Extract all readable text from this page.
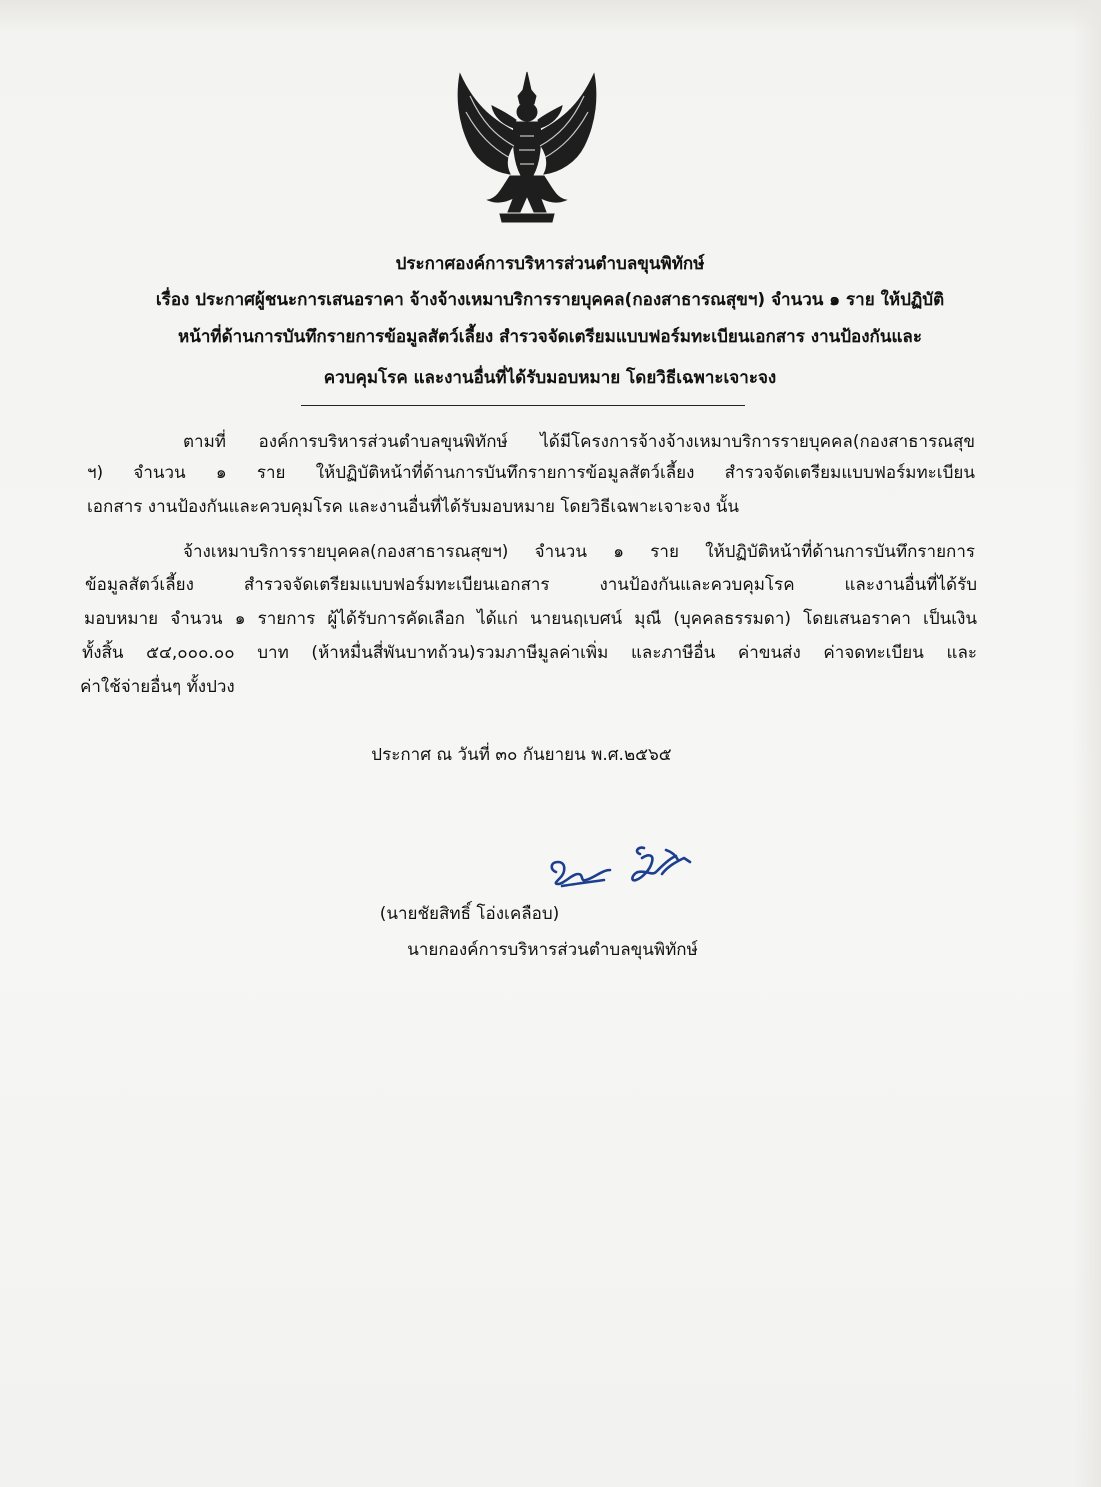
ประกาศองค์การบริหารส่วนตำบลขุนพิทักษ์
เรื่อง ประกาศผู้ชนะการเสนอราคา จ้างจ้างเหมาบริการรายบุคคล(กองสาธารณสุขฯ) จำนวน ๑ ราย ให้ปฏิบัติ
หน้าที่ด้านการบันทึกรายการข้อมูลสัตว์เลี้ยง สำรวจจัดเตรียมแบบฟอร์มทะเบียนเอกสาร งานป้องกันและ
ควบคุมโรค และงานอื่นที่ได้รับมอบหมาย โดยวิธีเฉพาะเจาะจง
ตามที่ องค์การบริหารส่วนตำบลขุนพิทักษ์ ได้มีโครงการจ้างจ้างเหมาบริการรายบุคคล(กองสาธารณสุข
ฯ) จำนวน ๑ ราย ให้ปฏิบัติหน้าที่ด้านการบันทึกรายการข้อมูลสัตว์เลี้ยง สำรวจจัดเตรียมแบบฟอร์มทะเบียน
เอกสาร งานป้องกันและควบคุมโรค และงานอื่นที่ได้รับมอบหมาย โดยวิธีเฉพาะเจาะจง นั้น
จ้างเหมาบริการรายบุคคล(กองสาธารณสุขฯ) จำนวน ๑ ราย ให้ปฏิบัติหน้าที่ด้านการบันทึกรายการ
ข้อมูลสัตว์เลี้ยง สำรวจจัดเตรียมแบบฟอร์มทะเบียนเอกสาร งานป้องกันและควบคุมโรค และงานอื่นที่ได้รับ
มอบหมาย จำนวน ๑ รายการ ผู้ได้รับการคัดเลือก ได้แก่ นายนฤเบศน์ มุณี (บุคคลธรรมดา) โดยเสนอราคา เป็นเงิน
ทั้งสิ้น ๕๔,๐๐๐.๐๐ บาท (ห้าหมื่นสี่พันบาทถ้วน)รวมภาษีมูลค่าเพิ่ม และภาษีอื่น ค่าขนส่ง ค่าจดทะเบียน และ
ค่าใช้จ่ายอื่นๆ ทั้งปวง
ประกาศ ณ วันที่ ๓๐ กันยายน พ.ศ.๒๕๖๕
(นายชัยสิทธิ์ โอ่งเคลือบ)
นายกองค์การบริหารส่วนตำบลขุนพิทักษ์
